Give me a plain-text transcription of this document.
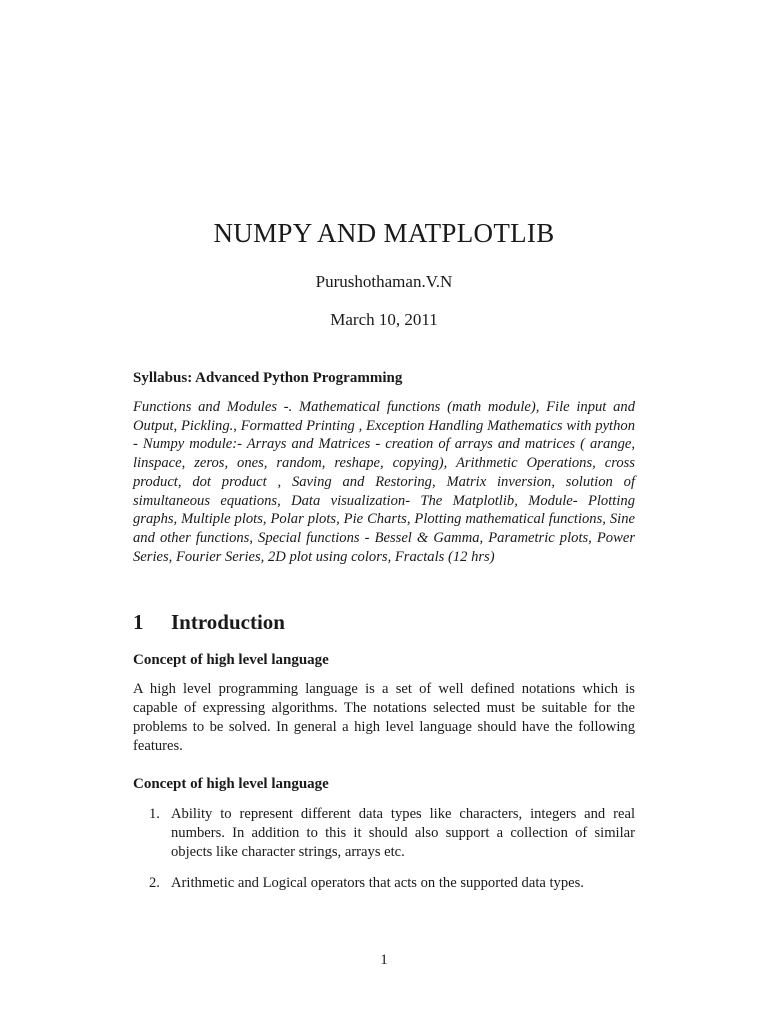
NUMPY AND MATPLOTLIB
Purushothaman.V.N
March 10, 2011
Syllabus: Advanced Python Programming
Functions and Modules -. Mathematical functions (math module), File input and Output, Pickling., Formatted Printing , Exception Handling Mathematics with python - Numpy module:- Arrays and Matrices - creation of arrays and matrices ( arange, linspace, zeros, ones, random, reshape, copying), Arithmetic Operations, cross product, dot product , Saving and Restoring, Matrix inversion, solution of simultaneous equations, Data visualization- The Matplotlib, Module- Plotting graphs, Multiple plots, Polar plots, Pie Charts, Plotting mathematical functions, Sine and other functions, Special functions - Bessel & Gamma, Parametric plots, Power Series, Fourier Series, 2D plot using colors, Fractals (12 hrs)
1 Introduction
Concept of high level language
A high level programming language is a set of well defined notations which is capable of expressing algorithms. The notations selected must be suitable for the problems to be solved. In general a high level language should have the following features.
Concept of high level language
1. Ability to represent different data types like characters, integers and real numbers. In addition to this it should also support a collection of similar objects like character strings, arrays etc.
2. Arithmetic and Logical operators that acts on the supported data types.
1
